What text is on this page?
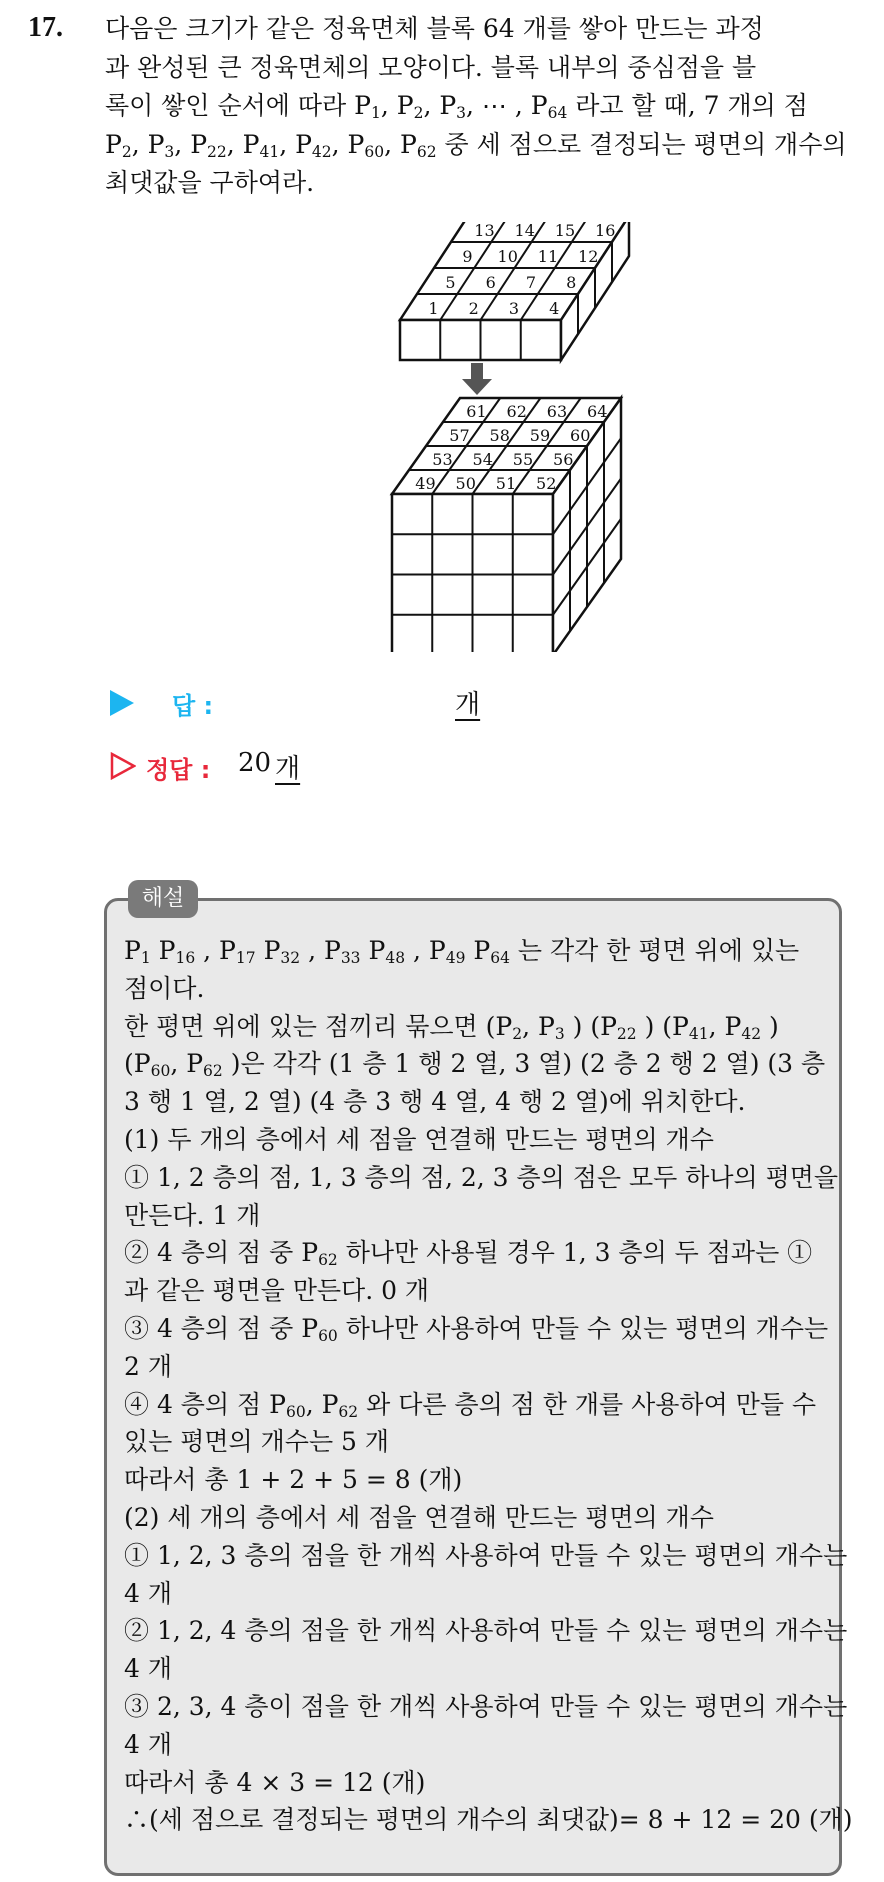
17. 다음은 크기가 같은 정육면체 블록 64 개를 쌓아 만드는 과정
과 완성된 큰 정육면체의 모양이다. 블록 내부의 중심점을 블
록이 쌓인 순서에 따라 $P_1$, $P_2$, $P_3$, ⋯ , $P_{64}$ 라고 할 때, 7 개의 점
$P_2$, $P_3$, $P_{22}$, $P_{41}$, $P_{42}$, $P_{60}$, $P_{62}$ 중 세 점으로 결정되는 평면의 개수의
최댓값을 구하여라.
13 14 15 16
9 10 11 12
5 6 7 8
1 2 3 4
61 62 63 64
57 58 59 60
53 54 55 56
49 50 51 52
답 :	개
정답 : 20 개
해설
$P_1$ $P_{16}$ , $P_{17}$ $P_{32}$ , $P_{33}$ $P_{48}$ , $P_{49}$ $P_{64}$ 는 각각 한 평면 위에 있는
점이다.
한 평면 위에 있는 점끼리 묶으면 ($P_2$, $P_3$ ) ($P_{22}$ ) ($P_{41}$, $P_{42}$ )
($P_{60}$, $P_{62}$ )은 각각 (1 층 1 행 2 열, 3 열) (2 층 2 행 2 열) (3 층
3 행 1 열, 2 열) (4 층 3 행 4 열, 4 행 2 열)에 위치한다.
(1) 두 개의 층에서 세 점을 연결해 만드는 평면의 개수
① 1, 2 층의 점, 1, 3 층의 점, 2, 3 층의 점은 모두 하나의 평면을
만든다. 1 개
② 4 층의 점 중 $P_{62}$ 하나만 사용될 경우 1, 3 층의 두 점과는 ①
과 같은 평면을 만든다. 0 개
③ 4 층의 점 중 $P_{60}$ 하나만 사용하여 만들 수 있는 평면의 개수는
2 개
④ 4 층의 점 $P_{60}$, $P_{62}$ 와 다른 층의 점 한 개를 사용하여 만들 수
있는 평면의 개수는 5 개
따라서 총 1 + 2 + 5 = 8 (개)
(2) 세 개의 층에서 세 점을 연결해 만드는 평면의 개수
① 1, 2, 3 층의 점을 한 개씩 사용하여 만들 수 있는 평면의 개수는
4 개
② 1, 2, 4 층의 점을 한 개씩 사용하여 만들 수 있는 평면의 개수는
4 개
③ 2, 3, 4 층이 점을 한 개씩 사용하여 만들 수 있는 평면의 개수는
4 개
따라서 총 4 × 3 = 12 (개)
∴(세 점으로 결정되는 평면의 개수의 최댓값)= 8 + 12 = 20 (개)
